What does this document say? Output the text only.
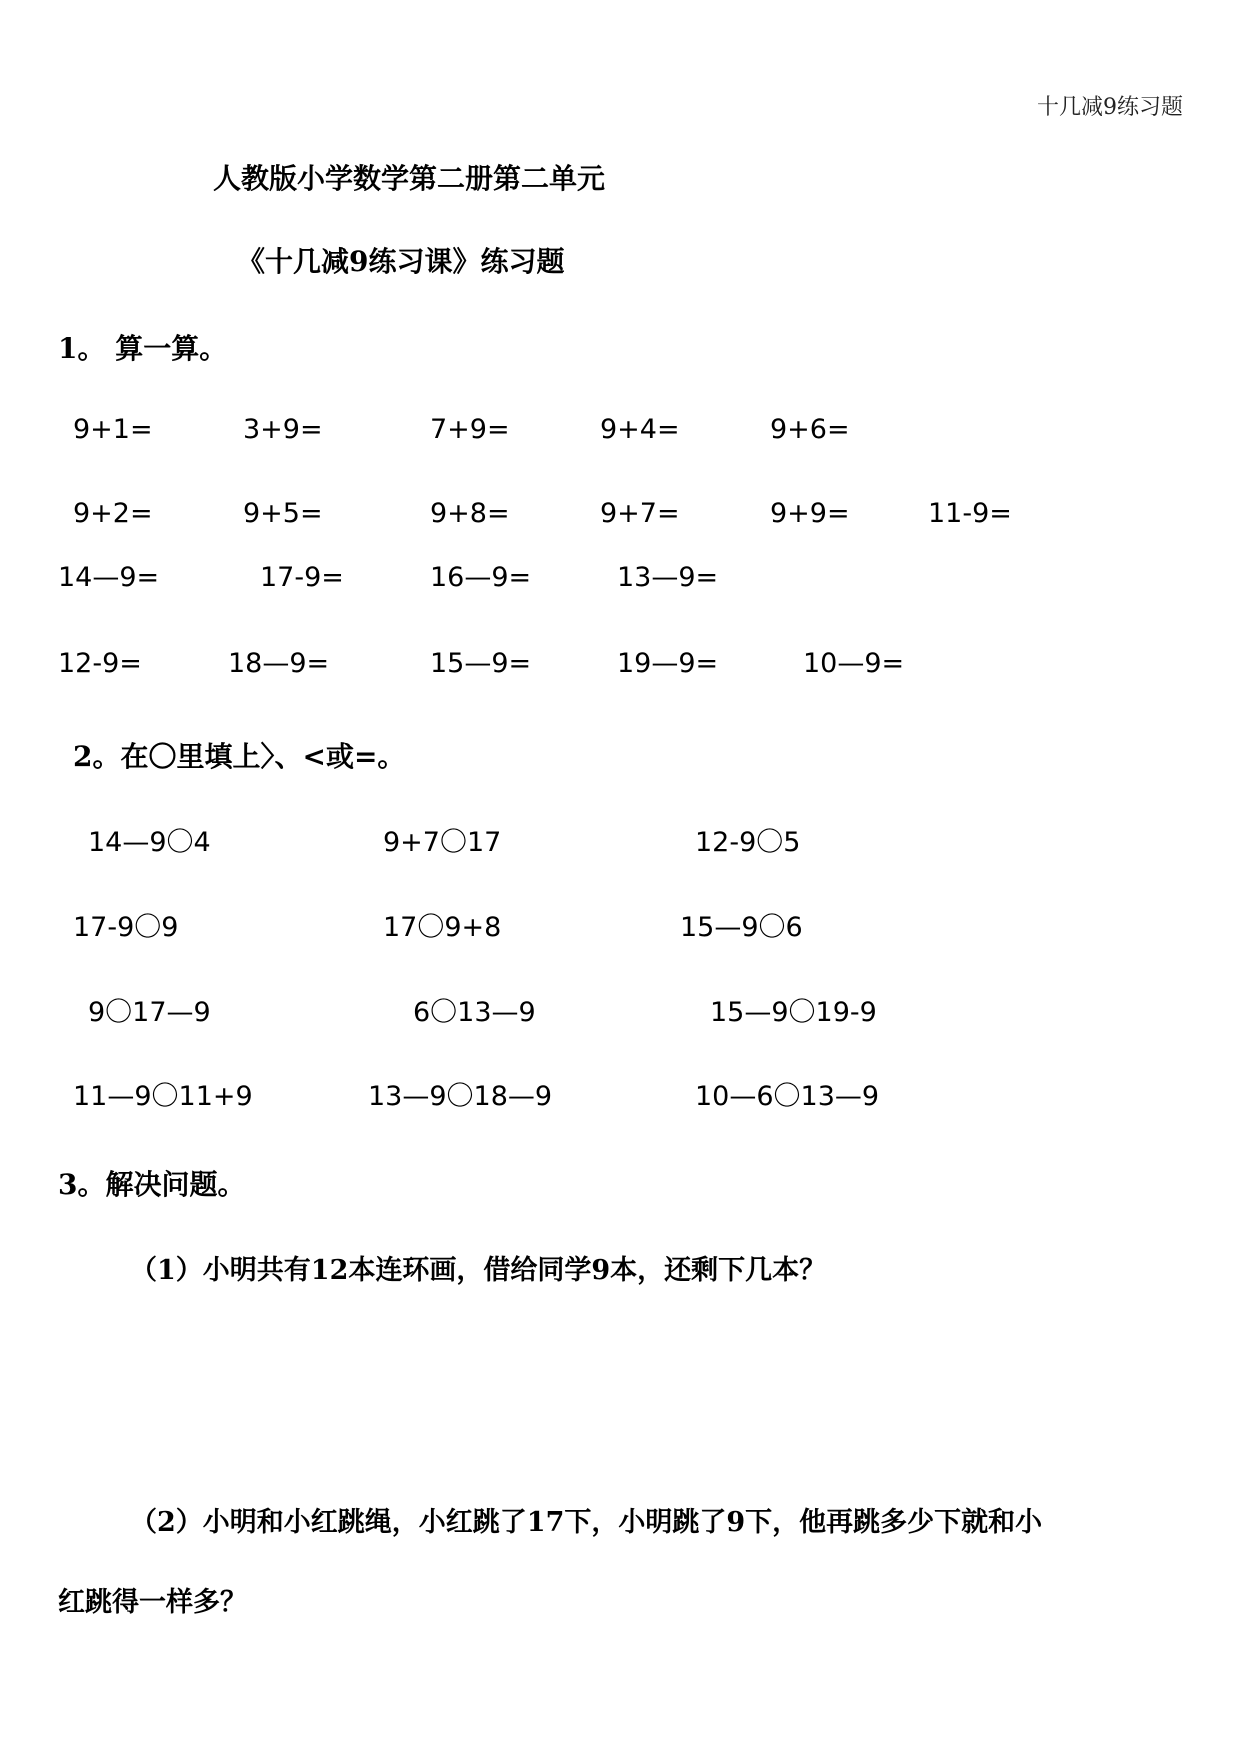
十几减9练习题
人教版小学数学第二册第二单元
《十几减9练习课》练习题
1。 算一算。
9+1=	3+9=	7+9=	9+4=	9+6=
9+2=	9+5=	9+8=	9+7=	9+9=	11-9=
14—9=	17-9=	16—9=	13—9=
12-9=	18—9=	15—9=	19—9=	10—9=
2。在〇里填上〉、<或=。
14—9〇4	9+7〇17	12-9〇5
17-9〇9	17〇9+8	15—9〇6
9〇17—9	6〇13—9	15—9〇19-9
11—9〇11+9	13—9〇18—9	10—6〇13—9
3。解决问题。
（1）小明共有12本连环画，借给同学9本，还剩下几本？
（2）小明和小红跳绳，小红跳了17下，小明跳了9下，他再跳多少下就和小
红跳得一样多？
